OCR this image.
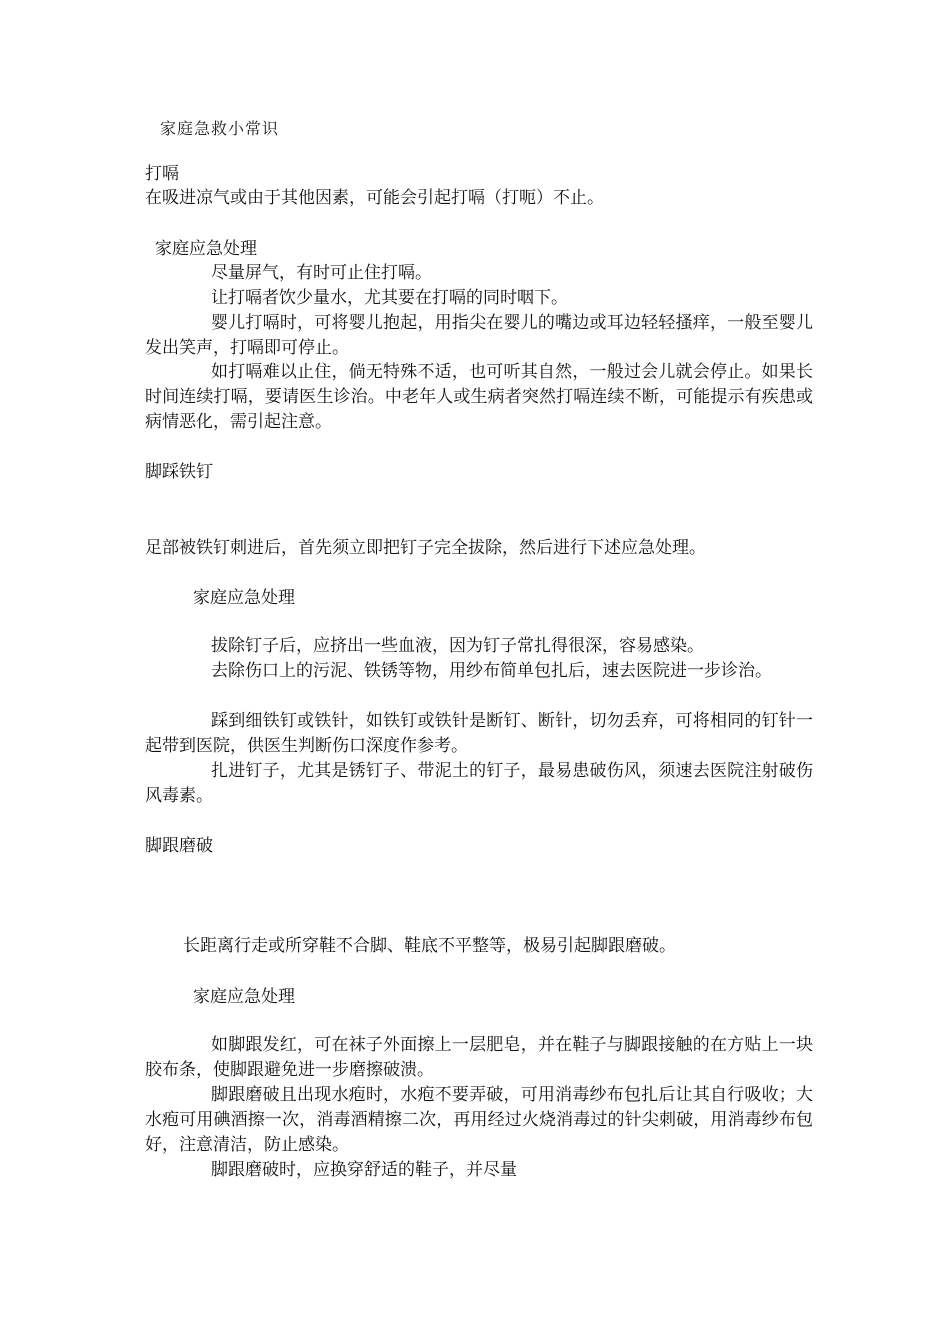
家庭急救小常识
打嗝
在吸进凉气或由于其他因素，可能会引起打嗝（打呃）不止。
家庭应急处理
尽量屏气，有时可止住打嗝。
让打嗝者饮少量水，尤其要在打嗝的同时咽下。
婴儿打嗝时，可将婴儿抱起，用指尖在婴儿的嘴边或耳边轻轻搔痒，一般至婴儿发出笑声，打嗝即可停止。
如打嗝难以止住，倘无特殊不适，也可听其自然，一般过会儿就会停止。如果长时间连续打嗝，要请医生诊治。中老年人或生病者突然打嗝连续不断，可能提示有疾患或病情恶化，需引起注意。
脚踩铁钉
足部被铁钉刺进后，首先须立即把钉子完全拔除，然后进行下述应急处理。
家庭应急处理
拔除钉子后，应挤出一些血液，因为钉子常扎得很深，容易感染。
去除伤口上的污泥、铁锈等物，用纱布简单包扎后，速去医院进一步诊治。
踩到细铁钉或铁针，如铁钉或铁针是断钉、断针，切勿丢弃，可将相同的钉针一起带到医院，供医生判断伤口深度作参考。
扎进钉子，尤其是锈钉子、带泥土的钉子，最易患破伤风，须速去医院注射破伤风毒素。
脚跟磨破
长距离行走或所穿鞋不合脚、鞋底不平整等，极易引起脚跟磨破。
家庭应急处理
如脚跟发红，可在袜子外面擦上一层肥皂，并在鞋子与脚跟接触的在方贴上一块胶布条，使脚跟避免进一步磨擦破溃。
脚跟磨破且出现水疱时，水疱不要弄破，可用消毒纱布包扎后让其自行吸收；大水疱可用碘酒擦一次，消毒酒精擦二次，再用经过火烧消毒过的针尖刺破，用消毒纱布包好，注意清洁，防止感染。
脚跟磨破时，应换穿舒适的鞋子，并尽量
